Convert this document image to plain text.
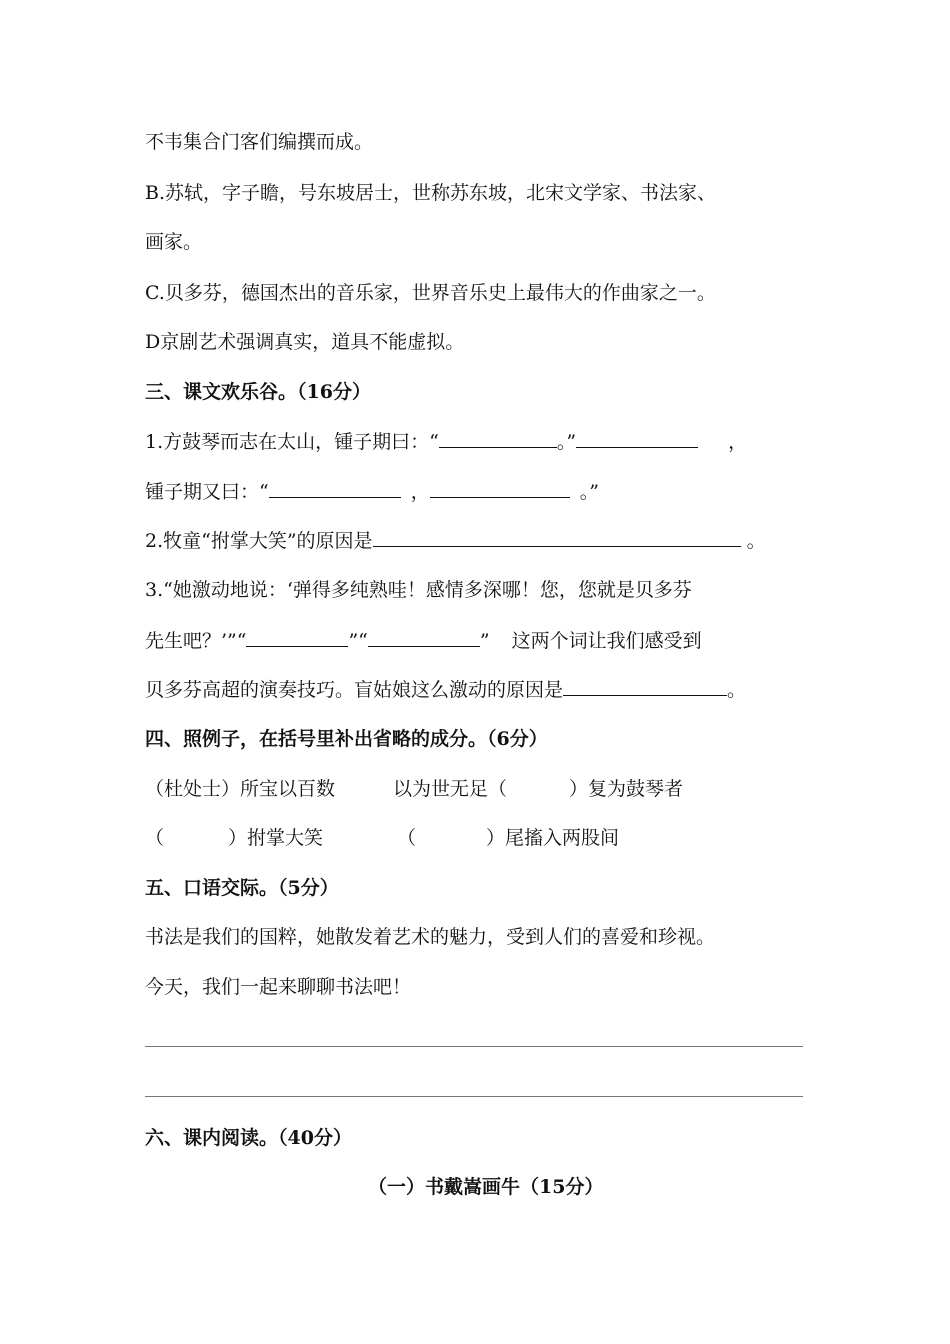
不韦集合门客们编撰而成。
B.苏轼，字子瞻，号东坡居士，世称苏东坡，北宋文学家、书法家、
画家。
C.贝多芬，德国杰出的音乐家，世界音乐史上最伟大的作曲家之一。
D京剧艺术强调真实，道具不能虚拟。
三、课文欢乐谷。（16分）
1.方鼓琴而志在太山，锺子期曰：“	。”	，
锺子期又曰：“	，	。”
2.牧童“拊掌大笑”的原因是	。
3.“她激动地说：‘弹得多纯熟哇！感情多深哪！您，您就是贝多芬
先生吧？’”“	”“	” 这两个词让我们感受到
贝多芬高超的演奏技巧。盲姑娘这么激动的原因是	。
四、照例子，在括号里补出省略的成分。（6分）
（杜处士）所宝以百数	以为世无足（	）复为鼓琴者
（	）拊掌大笑	（	）尾搐入两股间
五、口语交际。（5分）
书法是我们的国粹，她散发着艺术的魅力，受到人们的喜爱和珍视。
今天，我们一起来聊聊书法吧！
六、课内阅读。（40分）
（一）书戴嵩画牛（15分）
